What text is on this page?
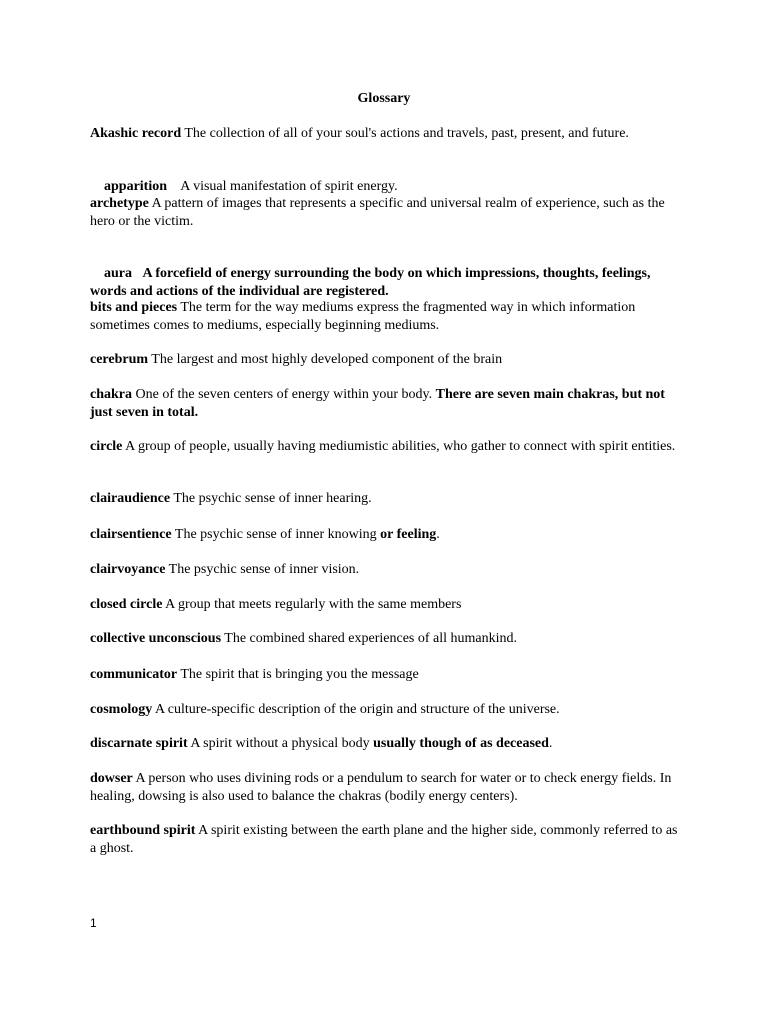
Glossary
Akashic record The collection of all of your soul's actions and travels, past, present, and future.

apparition    A visual manifestation of spirit energy.

archetype A pattern of images that represents a specific and universal realm of experience, such as the hero or the victim.

aura A forcefield of energy surrounding the body on which impressions, thoughts, feelings, words and actions of the individual are registered.

bits and pieces The term for the way mediums express the fragmented way in which information sometimes comes to mediums, especially beginning mediums.
cerebrum The largest and most highly developed component of the brain
chakra One of the seven centers of energy within your body. There are seven main chakras, but not just seven in total.
circle A group of people, usually having mediumistic abilities, who gather to connect with spirit entities.
clairaudience The psychic sense of inner hearing.
clairsentience The psychic sense of inner knowing or feeling.
clairvoyance The psychic sense of inner vision.
closed circle A group that meets regularly with the same members
collective unconscious The combined shared experiences of all humankind.
communicator The spirit that is bringing you the message
cosmology A culture-specific description of the origin and structure of the universe.
discarnate spirit A spirit without a physical body usually though of as deceased.
dowser A person who uses divining rods or a pendulum to search for water or to check energy fields. In healing, dowsing is also used to balance the chakras (bodily energy centers).
earthbound spirit A spirit existing between the earth plane and the higher side, commonly referred to as a ghost.
1
